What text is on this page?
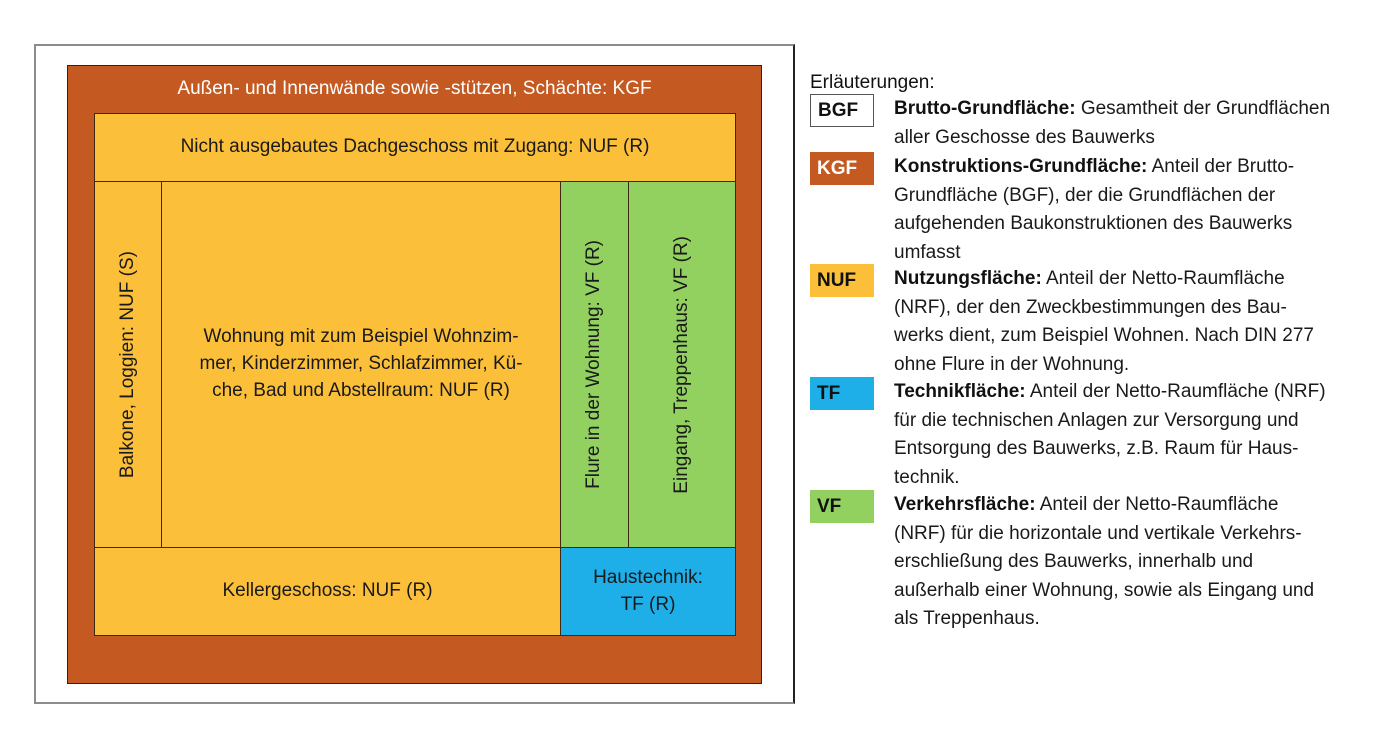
Außen- und Innenwände sowie -stützen, Schächte: KGF
Nicht ausgebautes Dachgeschoss mit Zugang: NUF (R)
Balkone, Loggien: NUF (S)	Wohnung mit zum Beispiel Wohnzim-
mer, Kinderzimmer, Schlafzimmer, Kü-
che, Bad und Abstellraum: NUF (R)	Flure in der Wohnung: VF (R)	Eingang, Treppenhaus: VF (R)
Kellergeschoss: NUF (R)
Haustechnik:
TF (R)
Erläuterungen:
BGF	Brutto-Grundfläche: Gesamtheit der Grundflächen
aller Geschosse des Bauwerks
KGF	Konstruktions-Grundfläche: Anteil der Brutto-
Grundfläche (BGF), der die Grundflächen der
aufgehenden Baukonstruktionen des Bauwerks
umfasst
NUF	Nutzungsfläche: Anteil der Netto-Raumfläche
(NRF), der den Zweckbestimmungen des Bau-
werks dient, zum Beispiel Wohnen. Nach DIN 277
ohne Flure in der Wohnung.
TF	Technikfläche: Anteil der Netto-Raumfläche (NRF)
für die technischen Anlagen zur Versorgung und
Entsorgung des Bauwerks, z.B. Raum für Haus-
technik.
VF	Verkehrsfläche: Anteil der Netto-Raumfläche
(NRF) für die horizontale und vertikale Verkehrs-
erschließung des Bauwerks, innerhalb und
außerhalb einer Wohnung, sowie als Eingang und
als Treppenhaus.
